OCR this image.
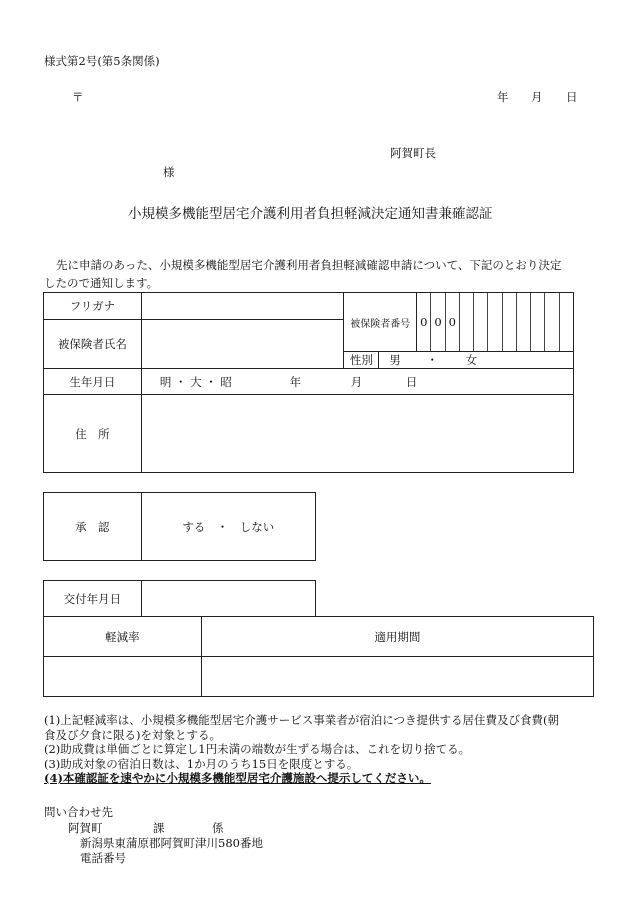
様式第2号(第5条関係)
〒	年 月 日
阿賀町長
様
小規模多機能型居宅介護利用者負担軽減決定通知書兼確認証
先に申請のあった、小規模多機能型居宅介護利用者負担軽減確認申請について、下記のとおり決定
したので通知します。
フリガナ		被保険者番号	0	0	0								

被保険者氏名	
性別	男 ・ 女
生年月日	明 ・ 大 ・ 昭	年	月	日
住　所	
承　認	する　・　しない
交付年月日	
軽減率	適用期間

(1)上記軽減率は、小規模多機能型居宅介護サービス事業者が宿泊につき提供する居住費及び食費(朝
食及び夕食に限る)を対象とする。
(2)助成費は単価ごとに算定し1円未満の端数が生ずる場合は、これを切り捨てる。
(3)助成対象の宿泊日数は、1か月のうち15日を限度とする。
(4)本確認証を速やかに小規模多機能型居宅介護施設へ提示してください。
問い合わせ先
阿賀町	課	係
新潟県東蒲原郡阿賀町津川580番地
電話番号
